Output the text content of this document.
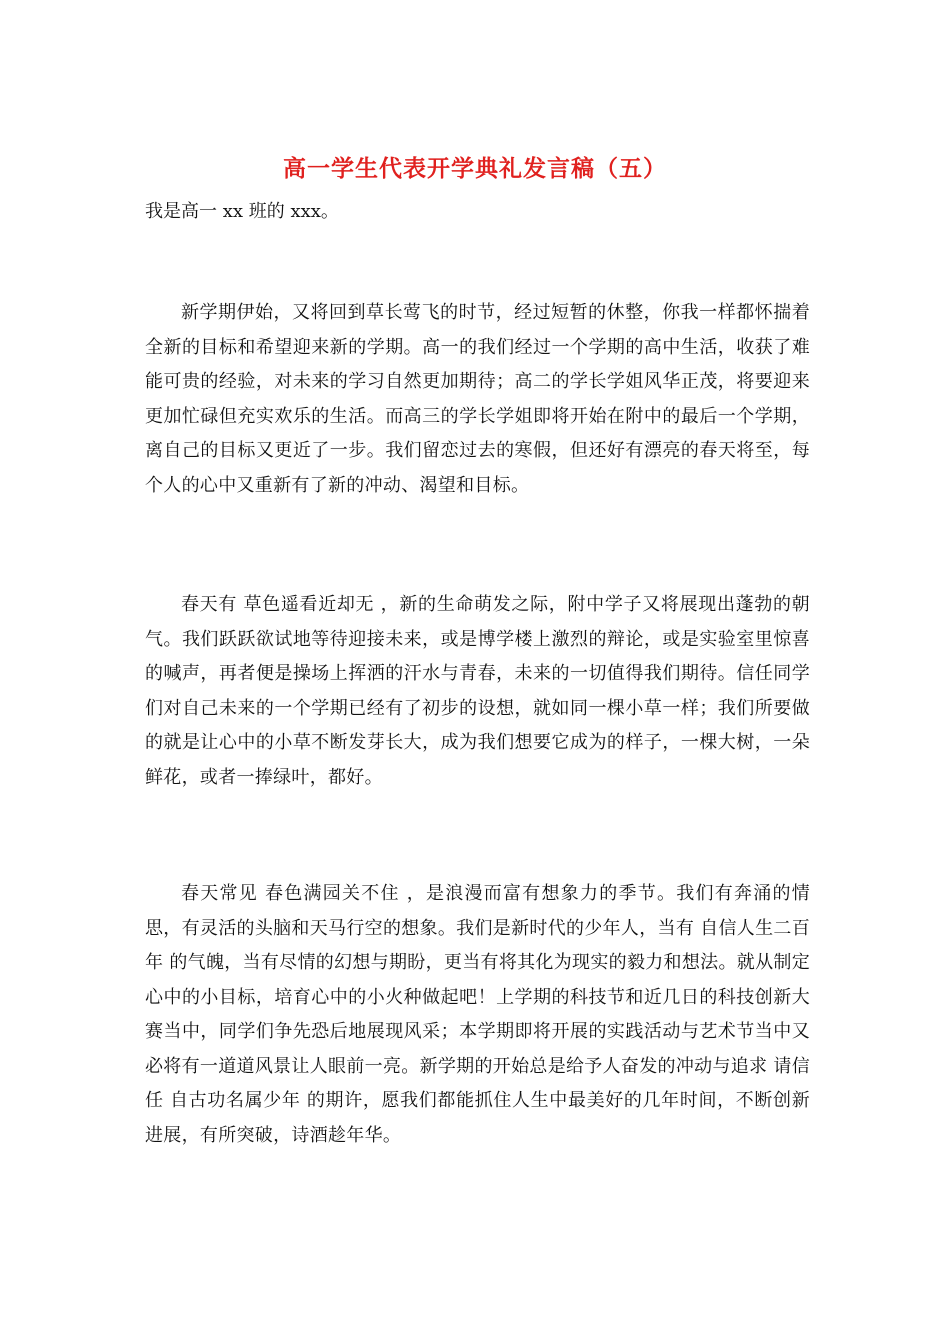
高一学生代表开学典礼发言稿（五）

我是高一 xx 班的 xxx。

新学期伊始，又将回到草长莺飞的时节，经过短暂的休整，你我一样都怀揣着全新的目标和希望迎来新的学期。高一的我们经过一个学期的高中生活，收获了难能可贵的经验，对未来的学习自然更加期待；高二的学长学姐风华正茂，将要迎来更加忙碌但充实欢乐的生活。而高三的学长学姐即将开始在附中的最后一个学期，离自己的目标又更近了一步。我们留恋过去的寒假，但还好有漂亮的春天将至，每个人的心中又重新有了新的冲动、渴望和目标。

春天有 草色遥看近却无 ，新的生命萌发之际，附中学子又将展现出蓬勃的朝气。我们跃跃欲试地等待迎接未来，或是博学楼上激烈的辩论，或是实验室里惊喜的喊声，再者便是操场上挥洒的汗水与青春，未来的一切值得我们期待。信任同学们对自己未来的一个学期已经有了初步的设想，就如同一棵小草一样；我们所要做的就是让心中的小草不断发芽长大，成为我们想要它成为的样子，一棵大树，一朵鲜花，或者一捧绿叶，都好。

春天常见 春色满园关不住 ，是浪漫而富有想象力的季节。我们有奔涌的情思，有灵活的头脑和天马行空的想象。我们是新时代的少年人，当有 自信人生二百年 的气魄，当有尽情的幻想与期盼，更当有将其化为现实的毅力和想法。就从制定心中的小目标，培育心中的小火种做起吧！上学期的科技节和近几日的科技创新大赛当中，同学们争先恐后地展现风采；本学期即将开展的实践活动与艺术节当中又必将有一道道风景让人眼前一亮。新学期的开始总是给予人奋发的冲动与追求 请信任 自古功名属少年 的期许，愿我们都能抓住人生中最美好的几年时间，不断创新进展，有所突破，诗酒趁年华。
